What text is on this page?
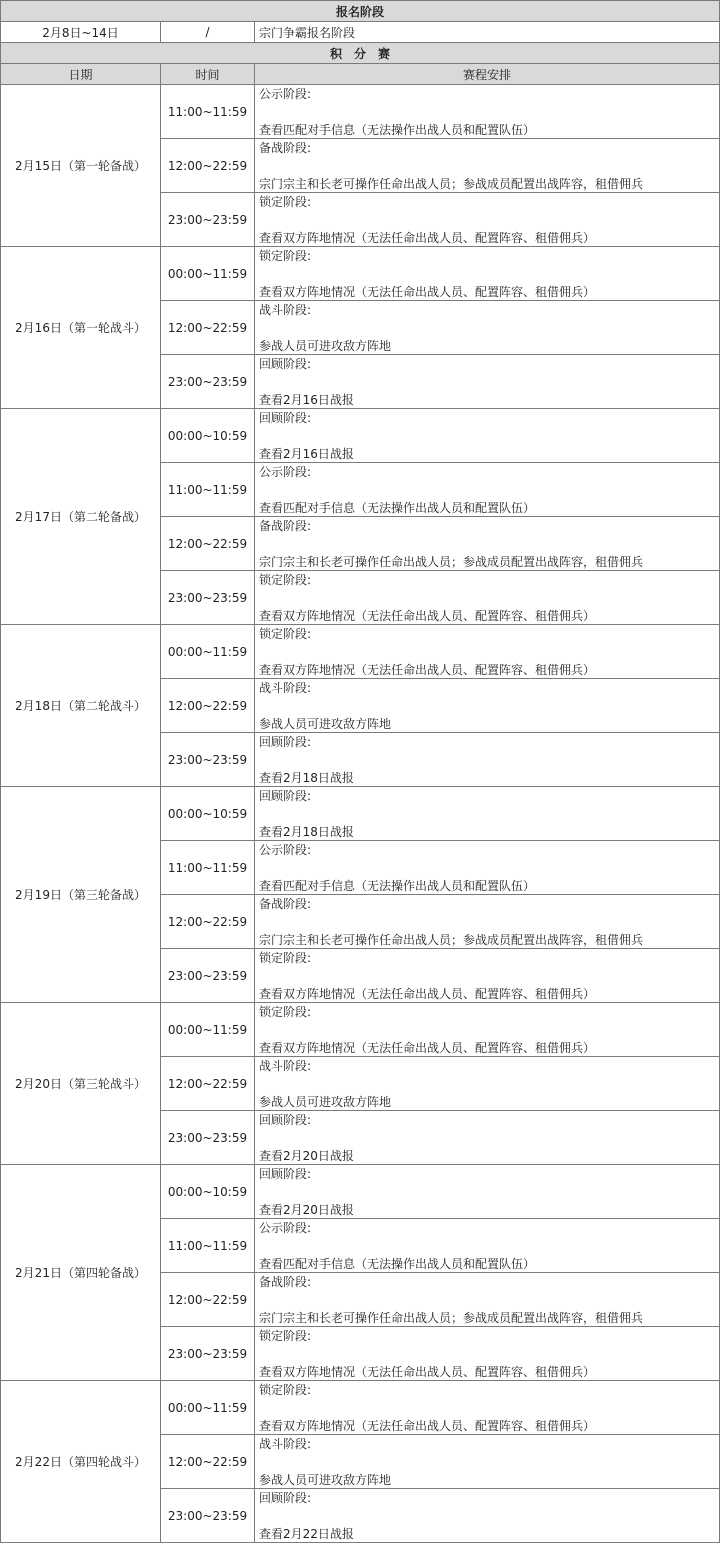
报名阶段		
2月8日~14日	/	宗门争霸报名阶段
积　分　赛		
日期	时间	赛程安排
2月15日（第一轮备战）	11:00~11:59	公示阶段:
查看匹配对手信息（无法操作出战人员和配置队伍）

	12:00~22:59	备战阶段:
宗门宗主和长老可操作任命出战人员；参战成员配置出战阵容，租借佣兵

	23:00~23:59	锁定阶段:
查看双方阵地情况（无法任命出战人员、配置阵容、租借佣兵）

2月16日（第一轮战斗）	00:00~11:59	锁定阶段:
查看双方阵地情况（无法任命出战人员、配置阵容、租借佣兵）

	12:00~22:59	战斗阶段:
参战人员可进攻敌方阵地

	23:00~23:59	回顾阶段:
查看2月16日战报

2月17日（第二轮备战）	00:00~10:59	回顾阶段:
查看2月16日战报

	11:00~11:59	公示阶段:
查看匹配对手信息（无法操作出战人员和配置队伍）

	12:00~22:59	备战阶段:
宗门宗主和长老可操作任命出战人员；参战成员配置出战阵容，租借佣兵

	23:00~23:59	锁定阶段:
查看双方阵地情况（无法任命出战人员、配置阵容、租借佣兵）

2月18日（第二轮战斗）	00:00~11:59	锁定阶段:
查看双方阵地情况（无法任命出战人员、配置阵容、租借佣兵）

	12:00~22:59	战斗阶段:
参战人员可进攻敌方阵地

	23:00~23:59	回顾阶段:
查看2月18日战报

2月19日（第三轮备战）	00:00~10:59	回顾阶段:
查看2月18日战报

	11:00~11:59	公示阶段:
查看匹配对手信息（无法操作出战人员和配置队伍）

	12:00~22:59	备战阶段:
宗门宗主和长老可操作任命出战人员；参战成员配置出战阵容，租借佣兵

	23:00~23:59	锁定阶段:
查看双方阵地情况（无法任命出战人员、配置阵容、租借佣兵）

2月20日（第三轮战斗）	00:00~11:59	锁定阶段:
查看双方阵地情况（无法任命出战人员、配置阵容、租借佣兵）

	12:00~22:59	战斗阶段:
参战人员可进攻敌方阵地

	23:00~23:59	回顾阶段:
查看2月20日战报

2月21日（第四轮备战）	00:00~10:59	回顾阶段:
查看2月20日战报

	11:00~11:59	公示阶段:
查看匹配对手信息（无法操作出战人员和配置队伍）

	12:00~22:59	备战阶段:
宗门宗主和长老可操作任命出战人员；参战成员配置出战阵容，租借佣兵

	23:00~23:59	锁定阶段:
查看双方阵地情况（无法任命出战人员、配置阵容、租借佣兵）

2月22日（第四轮战斗）	00:00~11:59	锁定阶段:
查看双方阵地情况（无法任命出战人员、配置阵容、租借佣兵）

	12:00~22:59	战斗阶段:
参战人员可进攻敌方阵地

	23:00~23:59	回顾阶段:
查看2月22日战报
